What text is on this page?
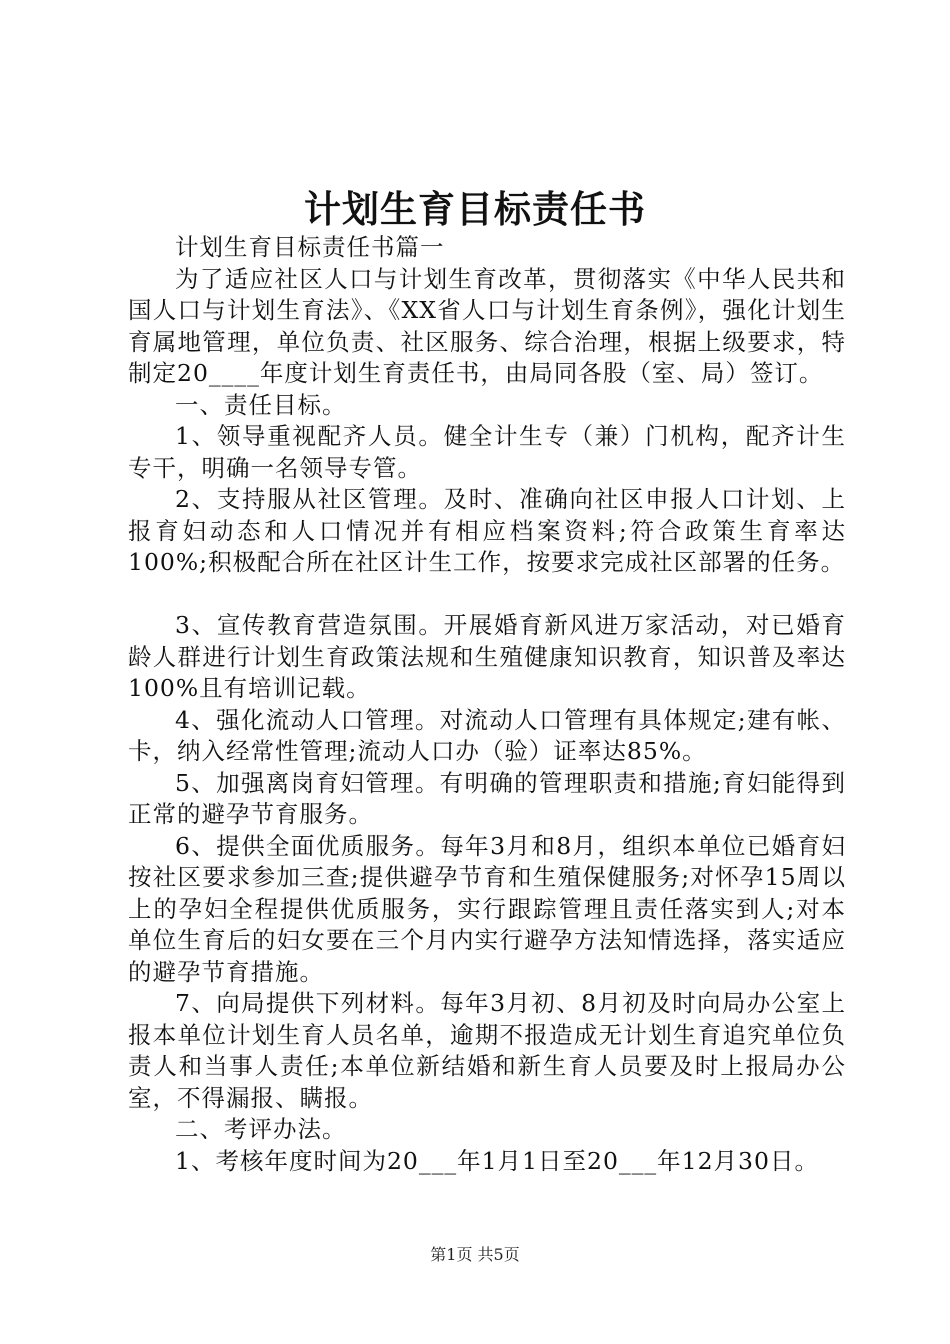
计划生育目标责任书

计划生育目标责任书篇一

为了适应社区人口与计划生育改革，贯彻落实《中华人民共和国人口与计划生育法》、《XX省人口与计划生育条例》，强化计划生育属地管理，单位负责、社区服务、综合治理，根据上级要求，特制定20____年度计划生育责任书，由局同各股（室、局）签订。

一、责任目标。

1、领导重视配齐人员。健全计生专（兼）门机构，配齐计生专干，明确一名领导专管。

2、支持服从社区管理。及时、准确向社区申报人口计划、上报育妇动态和人口情况并有相应档案资料;符合政策生育率达100%;积极配合所在社区计生工作，按要求完成社区部署的任务。

3、宣传教育营造氛围。开展婚育新风进万家活动，对已婚育龄人群进行计划生育政策法规和生殖健康知识教育，知识普及率达100%且有培训记载。

4、强化流动人口管理。对流动人口管理有具体规定;建有帐、卡，纳入经常性管理;流动人口办（验）证率达85%。

5、加强离岗育妇管理。有明确的管理职责和措施;育妇能得到正常的避孕节育服务。

6、提供全面优质服务。每年3月和8月，组织本单位已婚育妇按社区要求参加三查;提供避孕节育和生殖保健服务;对怀孕15周以上的孕妇全程提供优质服务，实行跟踪管理且责任落实到人;对本单位生育后的妇女要在三个月内实行避孕方法知情选择，落实适应的避孕节育措施。

7、向局提供下列材料。每年3月初、8月初及时向局办公室上报本单位计划生育人员名单，逾期不报造成无计划生育追究单位负责人和当事人责任;本单位新结婚和新生育人员要及时上报局办公室，不得漏报、瞒报。

二、考评办法。

1、考核年度时间为20___年1月1日至20___年12月30日。

第1页 共5页
